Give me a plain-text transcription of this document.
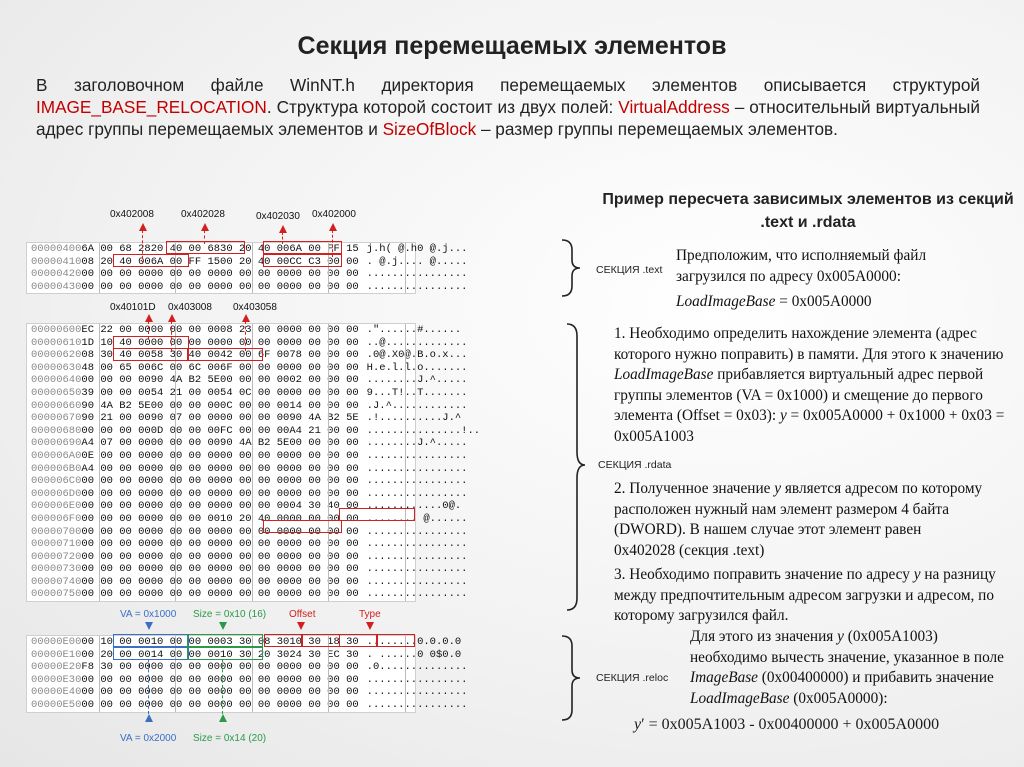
Секция перемещаемых элементов
В заголовочном файле WinNT.h директория перемещаемых элементов описывается структурой IMAGE_BASE_RELOCATION. Структура которой состоит из двух полей: VirtualAddress – относительный виртуальный адрес группы перемещаемых элементов и SizeOfBlock – размер группы перемещаемых элементов.
Пример пересчета зависимых элементов из секций .text и .rdata
Предположим, что исполняемый файл загрузился по адресу 0x005A0000:
LoadImageBase = 0x005A0000
1. Необходимо определить нахождение элемента (адрес которого нужно поправить) в памяти. Для этого к значению LoadImageBase прибавляется виртуальный адрес первой группы элементов (VA = 0x1000) и смещение до первого элемента (Offset = 0x03): y = 0x005A0000 + 0x1000 + 0x03 = 0x005A1003
2. Полученное значение y является адресом по которому расположен нужный нам элемент размером 4 байта (DWORD). В нашем случае этот элемент равен 0x402028 (секция .text)
3. Необходимо поправить значение по адресу y на разницу между предпочтительным адресом загрузки и адресом, по которому загрузился файл.
Для этого из значения y (0x005A1003) необходимо вычесть значение, указанное в поле ImageBase (0x00400000) и прибавить значение LoadImageBase (0x005A0000):
y′ = 0x005A1003 - 0x00400000 + 0x005A0000
00000400 6A 00 68 28 20 40 00 68 30 20 40 00 6A 00 FF 15 j.h( @.h0 @.j...
00000410 08 20 40 00 6A 00 FF 15 00 20 40 00 CC C3 00 00 . @.j.... @.....
00000420 00 00 00 00 00 00 00 00 00 00 00 00 00 00 00 00 ................
00000430 00 00 00 00 00 00 00 00 00 00 00 00 00 00 00 00 ................
00000600 EC 22 00 00 00 00 00 00 08 23 00 00 00 00 00 00 ."......#......
00000610 1D 10 40 00 00 00 00 00 00 00 00 00 00 00 00 00 ..@.............
00000620 08 30 40 00 58 30 40 00 42 00 6F 00 78 00 00 00 .0@.X0@.B.o.x...
00000630 48 00 65 00 6C 00 6C 00 6F 00 00 00 00 00 00 00 H.e.l.l.o.......
00000640 00 00 00 00 90 4A B2 5E 00 00 00 00 02 00 00 00 ........J.^.....
00000650 39 00 00 00 54 21 00 00 54 0C 00 00 00 00 00 00 9...T!..T.......
00000660 90 4A B2 5E 00 00 00 00 0C 00 00 00 14 00 00 00 .J.^............
00000670 90 21 00 00 90 07 00 00 00 00 00 00 90 4A B2 5E .!..........J.^
00000680 00 00 00 00 0D 00 00 00 FC 00 00 00 A4 21 00 00 ...............!..
00000690 A4 07 00 00 00 00 00 00 90 4A B2 5E 00 00 00 00 ........J.^.....
000006A0 0E 00 00 00 00 00 00 00 00 00 00 00 00 00 00 00 ................
000006B0 A4 00 00 00 00 00 00 00 00 00 00 00 00 00 00 00 ................
000006C0 00 00 00 00 00 00 00 00 00 00 00 00 00 00 00 00 ................
000006D0 00 00 00 00 00 00 00 00 00 00 00 00 00 00 00 00 ................
000006E0 00 00 00 00 00 00 00 00 00 00 00 00 04 30 40 00 ............0@.
000006F0 00 00 00 00 00 00 00 00 10 20 40 00 00 00 00 00 ........ @......
00000700 00 00 00 00 00 00 00 00 00 00 00 00 00 00 00 00 ................
00000710 00 00 00 00 00 00 00 00 00 00 00 00 00 00 00 00 ................
00000720 00 00 00 00 00 00 00 00 00 00 00 00 00 00 00 00 ................
00000730 00 00 00 00 00 00 00 00 00 00 00 00 00 00 00 00 ................
00000740 00 00 00 00 00 00 00 00 00 00 00 00 00 00 00 00 ................
00000750 00 00 00 00 00 00 00 00 00 00 00 00 00 00 00 00 ................
00000E00 00 10 00 00 10 00 00 00 03 30 08 30 10 30 18 30 ........0.0.0.0
00000E10 00 20 00 00 14 00 00 00 10 30 20 30 24 30 EC 30 . ......0 0$0.0
00000E20 F8 30 00 00 00 00 00 00 00 00 00 00 00 00 00 00 .0..............
00000E30 00 00 00 00 00 00 00 00 00 00 00 00 00 00 00 00 ................
00000E40 00 00 00 00 00 00 00 00 00 00 00 00 00 00 00 00 ................
00000E50 00 00 00 00 00 00 00 00 00 00 00 00 00 00 00 00 ................
СЕКЦИЯ .text
СЕКЦИЯ .rdata
СЕКЦИЯ .reloc
0x402008	0x402028	0x402030 0x402000
0x40101D 0x403008 0x403058
VA = 0x1000 Size = 0x10 (16) Offset	Type
VA = 0x2000 Size = 0x14 (20)
